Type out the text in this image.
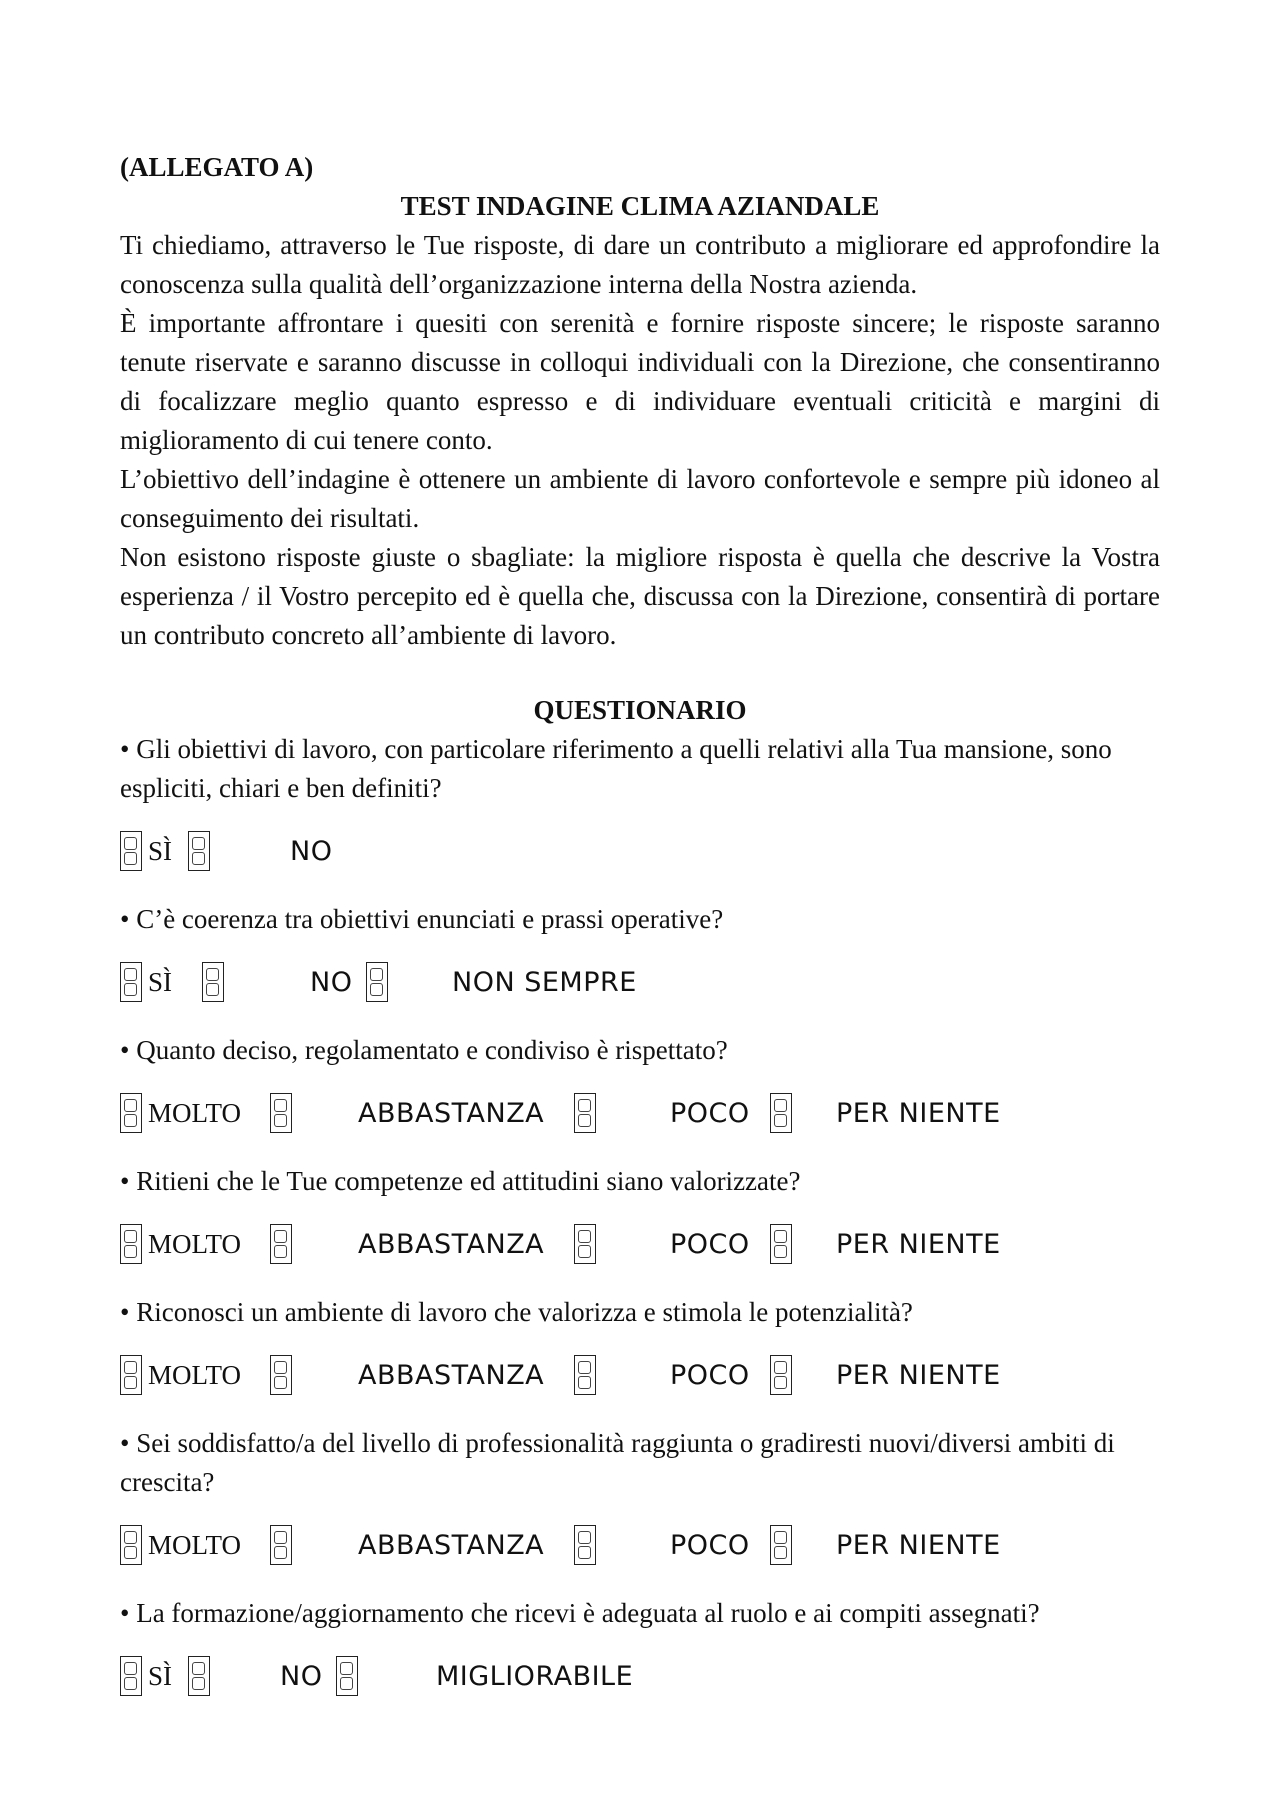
(ALLEGATO A)

TEST INDAGINE CLIMA AZIANDALE

Ti chiediamo, attraverso le Tue risposte, di dare un contributo a migliorare ed approfondire la conoscenza sulla qualità dell’organizzazione interna della Nostra azienda.

È importante affrontare i quesiti con serenità e fornire risposte sincere; le risposte saranno tenute riservate e saranno discusse in colloqui individuali con la Direzione, che consentiranno di focalizzare meglio quanto espresso e di individuare eventuali criticità e margini di miglioramento di cui tenere conto.

L’obiettivo dell’indagine è ottenere un ambiente di lavoro confortevole e sempre più idoneo al conseguimento dei risultati.

Non esistono risposte giuste o sbagliate: la migliore risposta è quella che descrive la Vostra esperienza / il Vostro percepito ed è quella che, discussa con la Direzione, consentirà di portare un contributo concreto all’ambiente di lavoro.

QUESTIONARIO

• Gli obiettivi di lavoro, con particolare riferimento a quelli relativi alla Tua mansione, sono espliciti, chiari e ben definiti?

SÌ	NO

• C’è coerenza tra obiettivi enunciati e prassi operative?

SÌ	NO	NON SEMPRE

• Quanto deciso, regolamentato e condiviso è rispettato?

MOLTO	ABBASTANZA	POCO	PER NIENTE

• Ritieni che le Tue competenze ed attitudini siano valorizzate?

MOLTO	ABBASTANZA	POCO	PER NIENTE

• Riconosci un ambiente di lavoro che valorizza e stimola le potenzialità?

MOLTO	ABBASTANZA	POCO	PER NIENTE

• Sei soddisfatto/a del livello di professionalità raggiunta o gradiresti nuovi/diversi ambiti di crescita?

MOLTO	ABBASTANZA	POCO	PER NIENTE

• La formazione/aggiornamento che ricevi è adeguata al ruolo e ai compiti assegnati?

SÌ	NO	MIGLIORABILE
